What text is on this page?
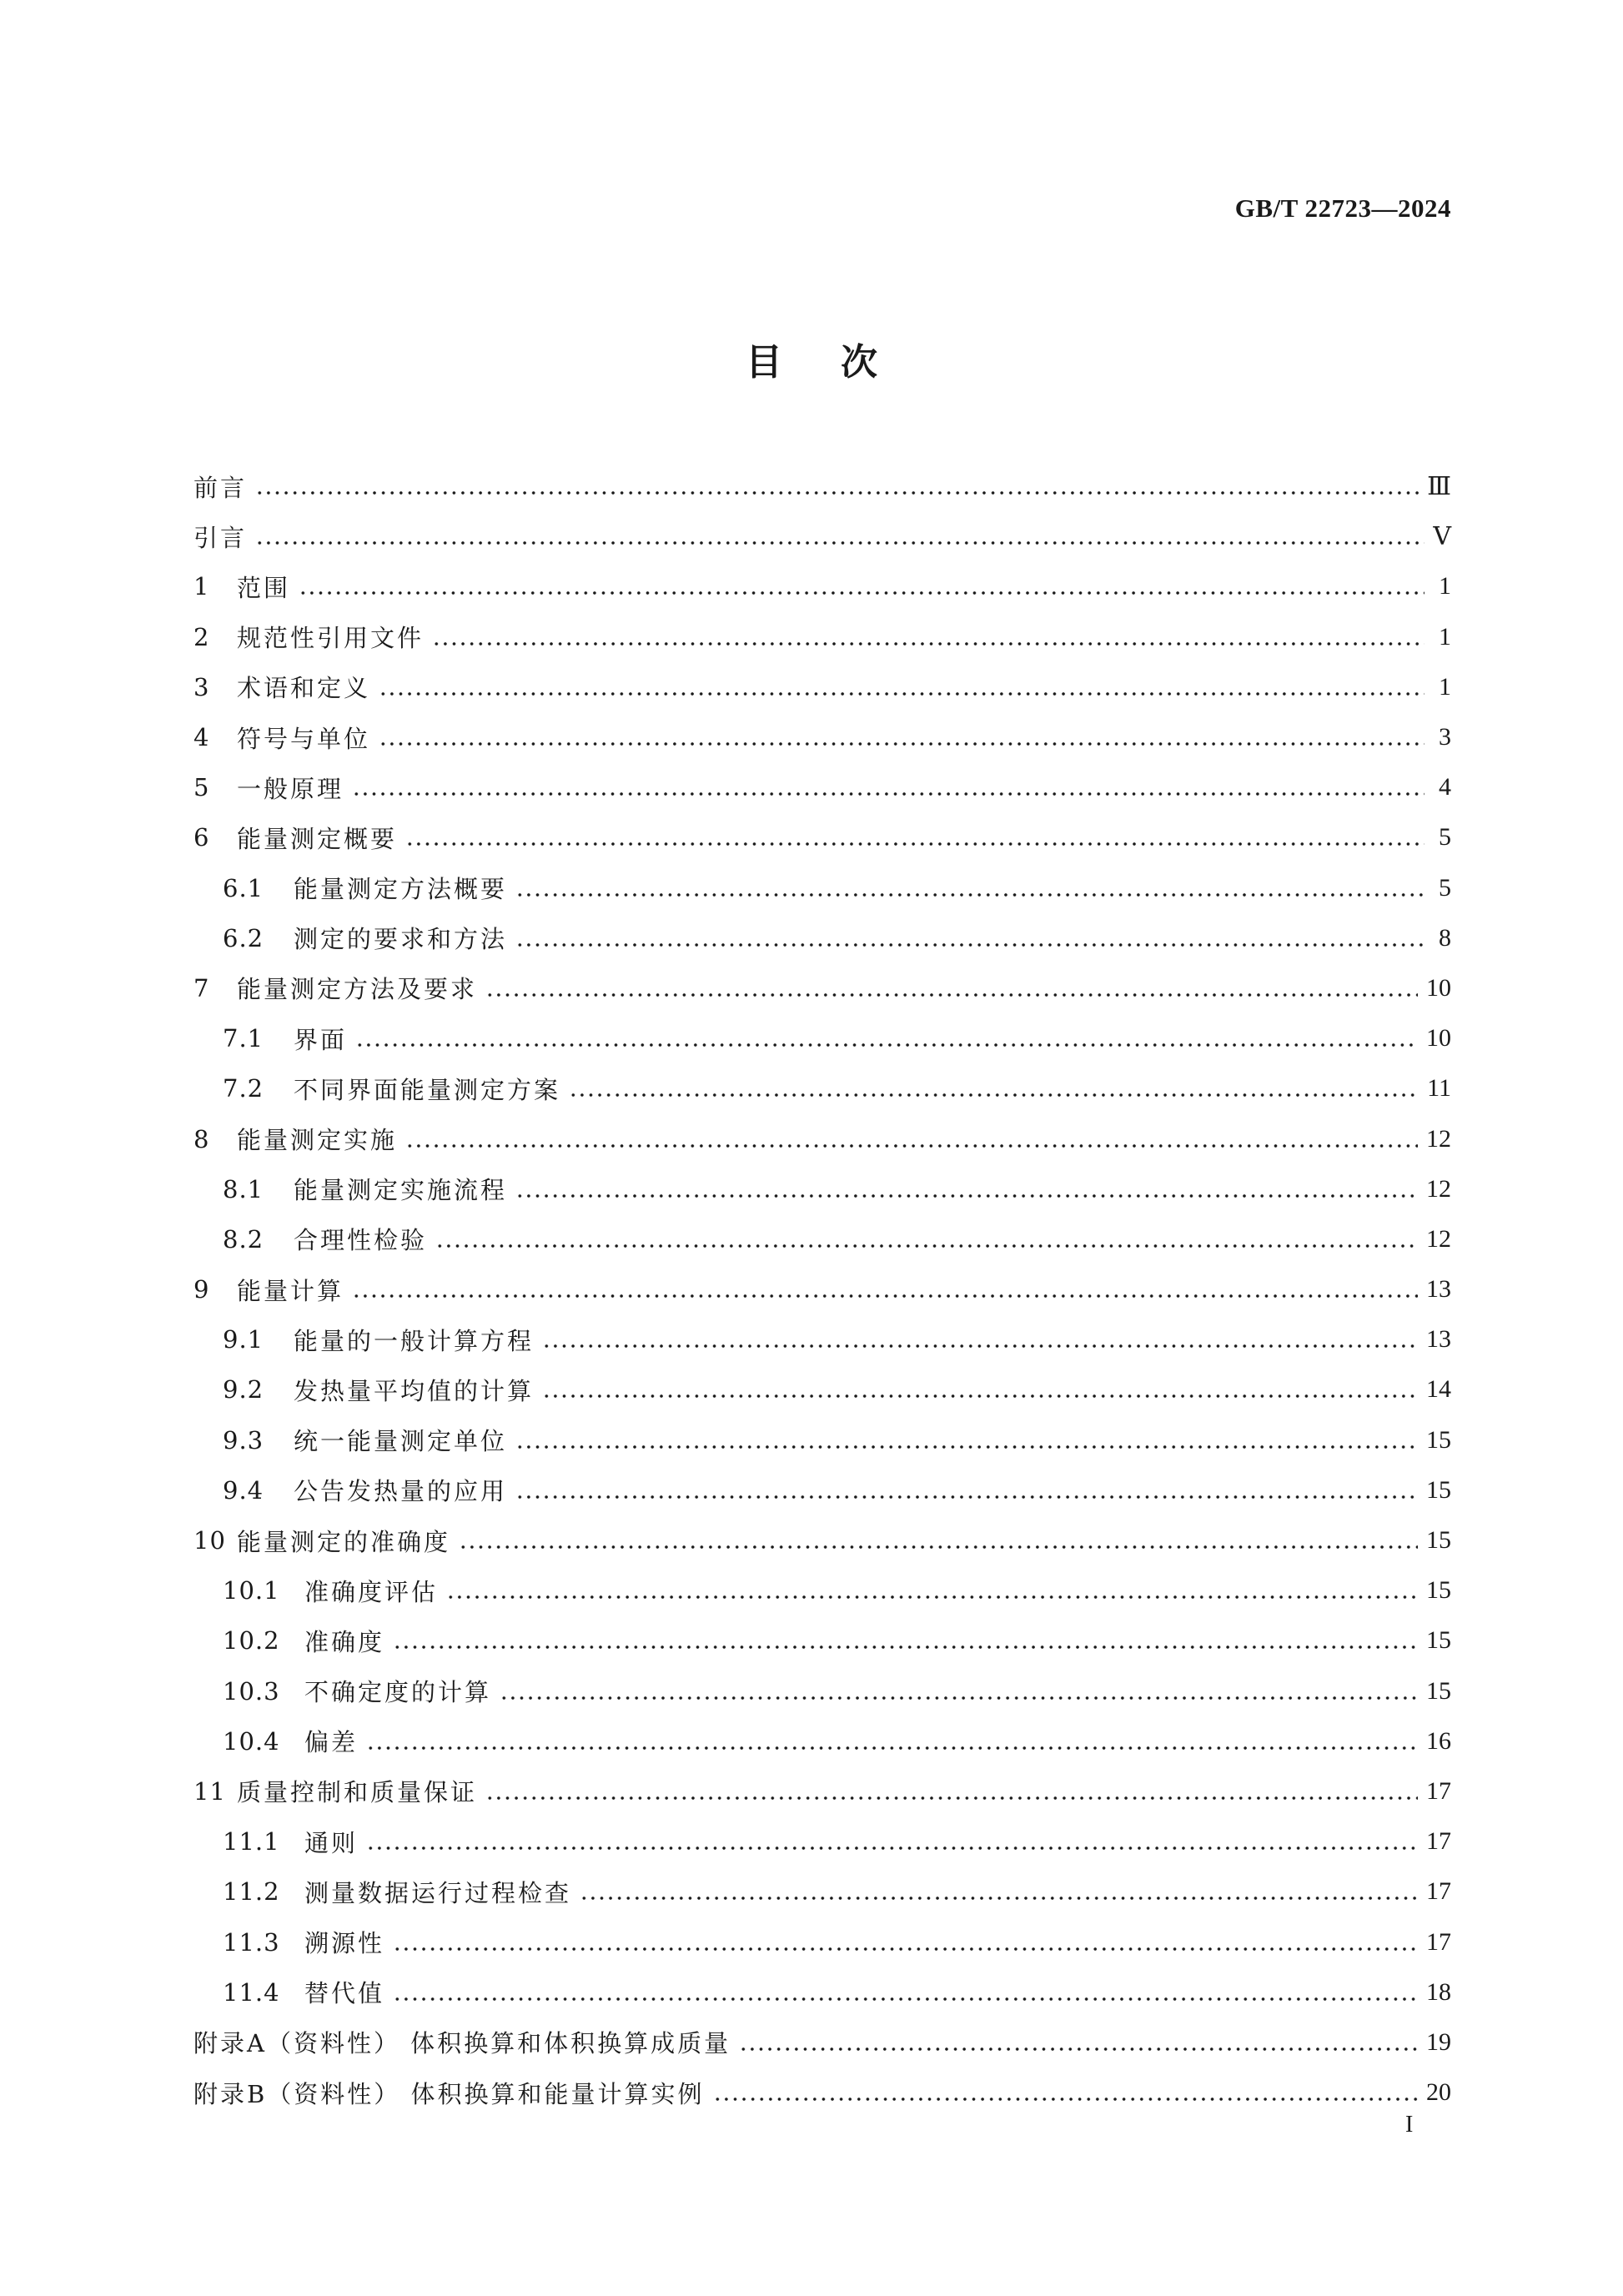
GB/T 22723—2024
目次
前言	Ⅲ
引言	Ⅴ
1	范围	1
2	规范性引用文件	1
3	术语和定义	1
4	符号与单位	3
5	一般原理	4
6	能量测定概要	5
6.1	能量测定方法概要	5
6.2	测定的要求和方法	8
7	能量测定方法及要求	10
7.1	界面	10
7.2	不同界面能量测定方案	11
8	能量测定实施	12
8.1	能量测定实施流程	12
8.2	合理性检验	12
9	能量计算	13
9.1	能量的一般计算方程	13
9.2	发热量平均值的计算	14
9.3	统一能量测定单位	15
9.4	公告发热量的应用	15
10 能量测定的准确度	15
10.1	准确度评估	15
10.2	准确度	15
10.3	不确定度的计算	15
10.4	偏差	16
11 质量控制和质量保证	17
11.1	通则	17
11.2	测量数据运行过程检查	17
11.3	溯源性	17
11.4	替代值	18
附录A（资料性） 体积换算和体积换算成质量	19
附录B（资料性） 体积换算和能量计算实例	20
I
